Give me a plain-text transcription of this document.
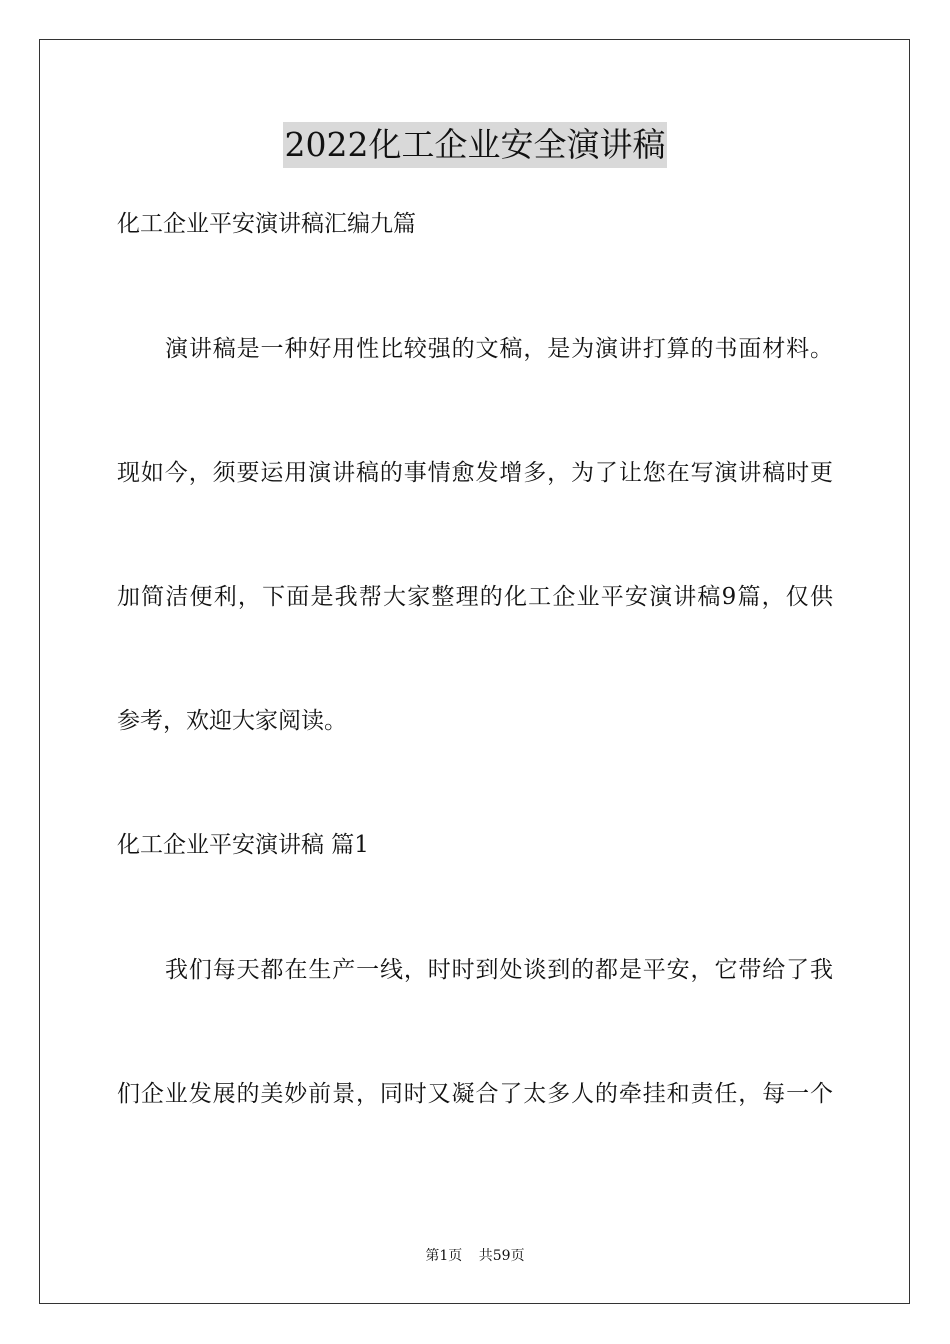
2022化工企业安全演讲稿
化工企业平安演讲稿汇编九篇
演讲稿是一种好用性比较强的文稿，是为演讲打算的书面材料。
现如今，须要运用演讲稿的事情愈发增多，为了让您在写演讲稿时更
加简洁便利，下面是我帮大家整理的化工企业平安演讲稿9篇，仅供
参考，欢迎大家阅读。
化工企业平安演讲稿 篇1
我们每天都在生产一线，时时到处谈到的都是平安，它带给了我
们企业发展的美妙前景，同时又凝合了太多人的牵挂和责任，每一个
第1页 共59页
